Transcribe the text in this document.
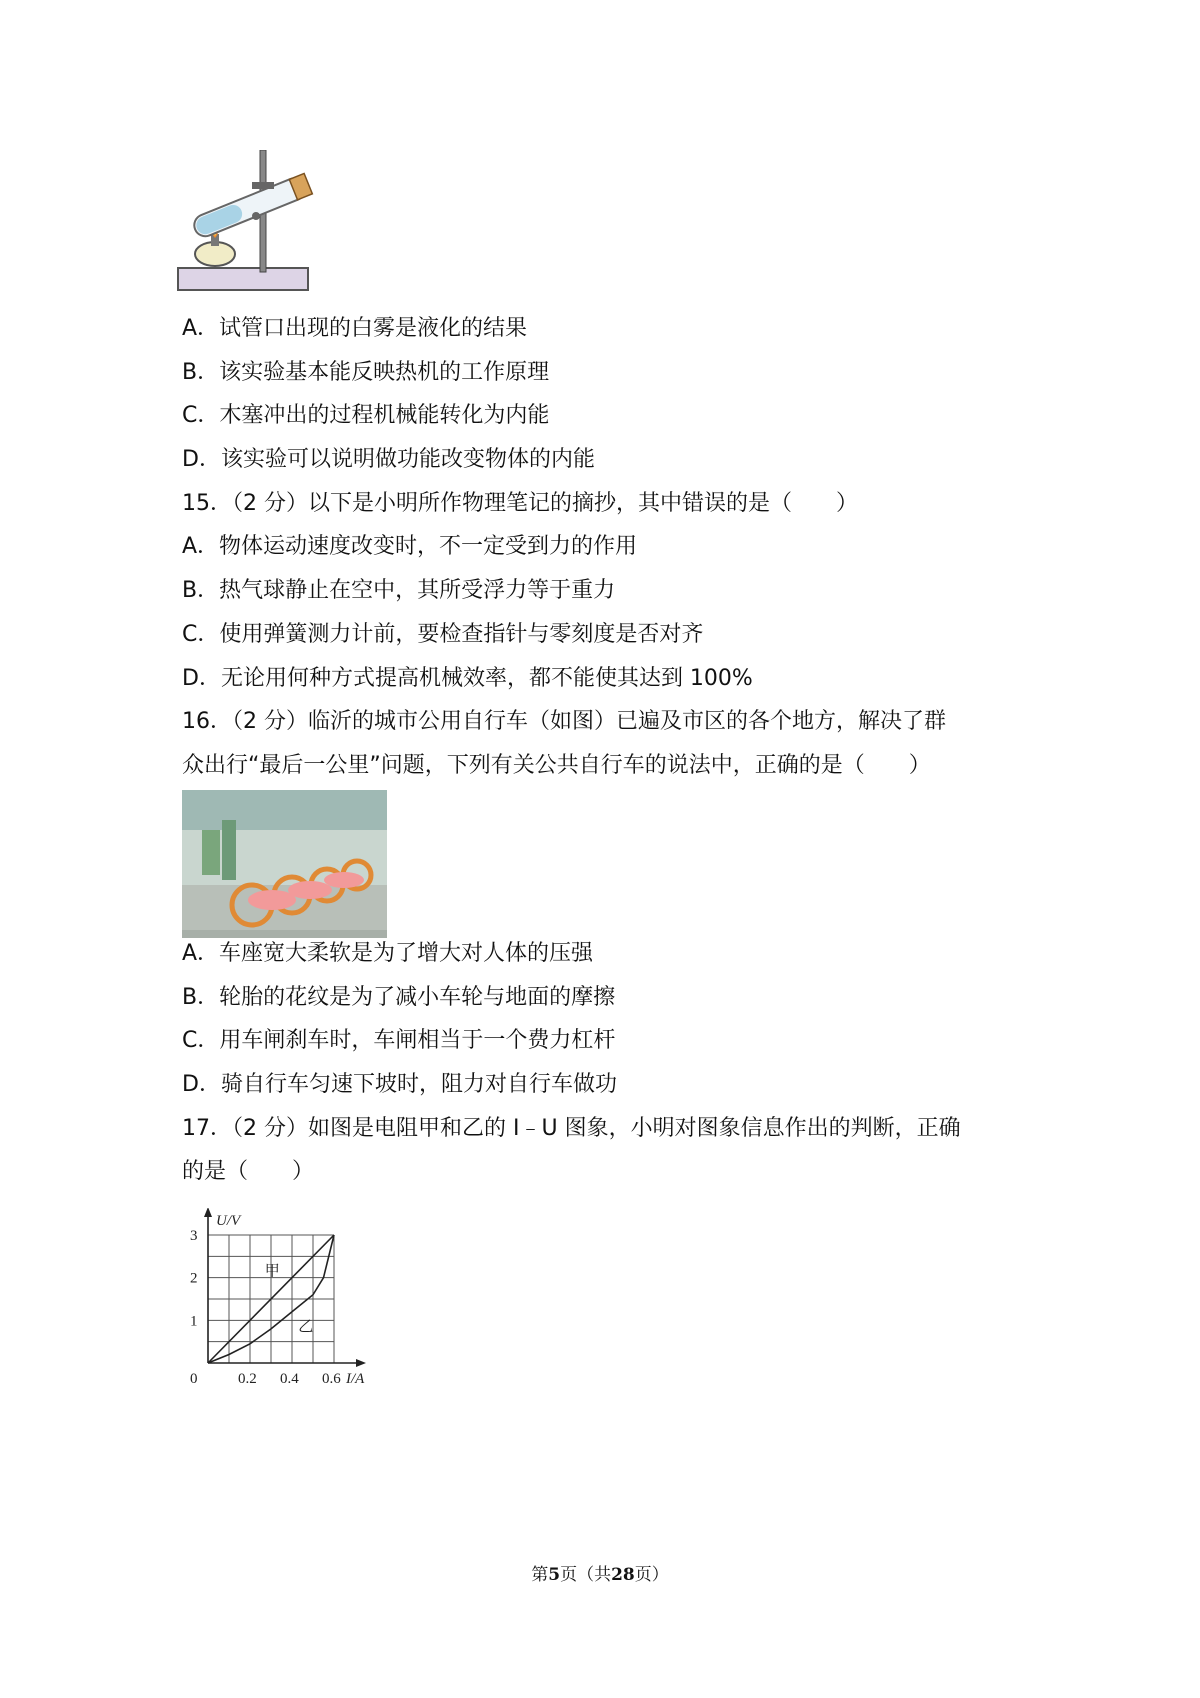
A．试管口出现的白雾是液化的结果
B．该实验基本能反映热机的工作原理
C．木塞冲出的过程机械能转化为内能
D．该实验可以说明做功能改变物体的内能
15．（2 分）以下是小明所作物理笔记的摘抄，其中错误的是（　　）
A．物体运动速度改变时，不一定受到力的作用
B．热气球静止在空中，其所受浮力等于重力
C．使用弹簧测力计前，要检查指针与零刻度是否对齐
D．无论用何种方式提高机械效率，都不能使其达到 100%
16．（2 分）临沂的城市公用自行车（如图）已遍及市区的各个地方，解决了群
众出行“最后一公里”问题，下列有关公共自行车的说法中，正确的是（　　）
A．车座宽大柔软是为了增大对人体的压强
B．轮胎的花纹是为了减小车轮与地面的摩擦
C．用车闸刹车时，车闸相当于一个费力杠杆
D．骑自行车匀速下坡时，阻力对自行车做功
17．（2 分）如图是电阻甲和乙的 I﹣U 图象，小明对图象信息作出的判断，正确
的是（　　）
U/V
I/A
0	0.2 0.4 0.6
1
2
3
甲
乙
第5页（共28页）
